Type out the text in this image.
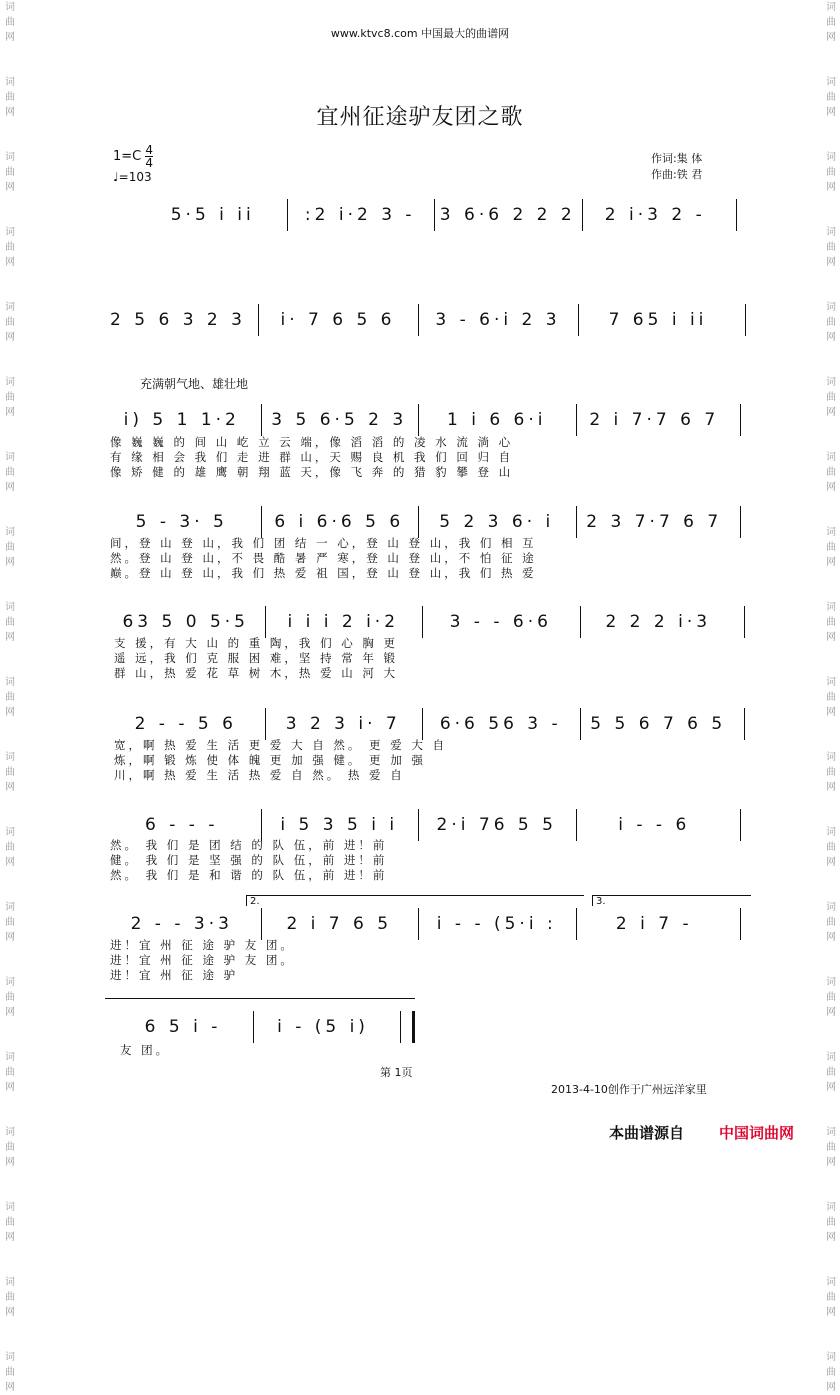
词
曲
网

词
曲
网

词
曲
网

词
曲
网

词
曲
网

词
曲
网

词
曲
网

词
曲
网

词
曲
网

词
曲
网

词
曲
网

词
曲
网

词
曲
网

词
曲
网

词
曲
网

词
曲
网

词
曲
网

词
曲
网

词
曲
网

词
曲
网

词
曲
网

词
曲
网

词
曲
网

词
曲
网

词
曲
网

词
曲
网

词
曲
网

词
曲
网

词
曲
网

词
曲
网

词
曲
网

词
曲
网

词
曲
网

词
曲
网

词
曲
网

词
曲
网

词
曲
网

词
曲
网

www.ktvc8.com 中国最大的曲谱网
宜州征途驴友团之歌
$1=C \frac{4}{4}$
♩=103
作词:集 体
作曲:铁 君
5·5 i ii	:2 i·2 3 -	3 6·6 2 2 2	2 i·3 2 -
2 5 6 3 2 3	i· 7 6 5 6	3 - 6·i 2 3	7 65 i ii
充满朝气地、雄壮地
i) 5 1 1·2	3 5 6·5 2 3	1 i 6 6·i	2 i 7·7 6 7
像 巍 巍 的 间 山 屹 立 云 端，像 滔 滔 的 凌 水 流 淌 心
有 缘 相 会 我 们 走 进 群 山，天 赐 良 机 我 们 回 归 自
像 矫 健 的 雄 鹰 朝 翔 蓝 天，像 飞 奔 的 猎 豹 攀 登 山
5 - 3· 5	6 i 6·6 5 6	5 2 3 6· i	2 3 7·7 6 7
间，登 山 登 山，我 们 团 结 一 心，登 山 登 山，我 们 相 互
然。登 山 登 山，不 畏 酷 暑 严 寒，登 山 登 山，不 怕 征 途
巅。登 山 登 山，我 们 热 爱 祖 国，登 山 登 山，我 们 热 爱
63 5 0 5·5	i i i 2 i·2	3 - - 6·6	2 2 2 i·3
支 援，有 大 山 的 重 陶，我 们 心 胸 更
遥 远，我 们 克 服 困 难，坚 持 常 年 锻
群 山，热 爱 花 草 树 木，热 爱 山 河 大
2 - - 5 6	3 2 3 i· 7	6·6 56 3 -	5 5 6 7 6 5
宽，啊 热 爱 生 活 更 爱 大 自 然。 更 爱 大 自
炼，啊 锻 炼 使 体 魄 更 加 强 健。 更 加 强
川，啊 热 爱 生 活 热 爱 自 然。 热 爱 自
6 - - -	i 5 3 5 i i	2·i 76 5 5	i - - 6
然。 我 们 是 团 结 的 队 伍，前 进！前
健。 我 们 是 坚 强 的 队 伍，前 进！前
然。 我 们 是 和 谐 的 队 伍，前 进！前
2 - - 3·3	2 i 7 6 5	i - - (5·i :	2 i 7 -
进！宜 州 征 途 驴 友 团。
进！宜 州 征 途 驴 友 团。
进！宜 州 征 途 驴
2.	3.
6 5 i -	i - (5 i)
友 团。
第 1页
2013-4-10创作于广州远洋家里
本曲谱源自 中国词曲网
